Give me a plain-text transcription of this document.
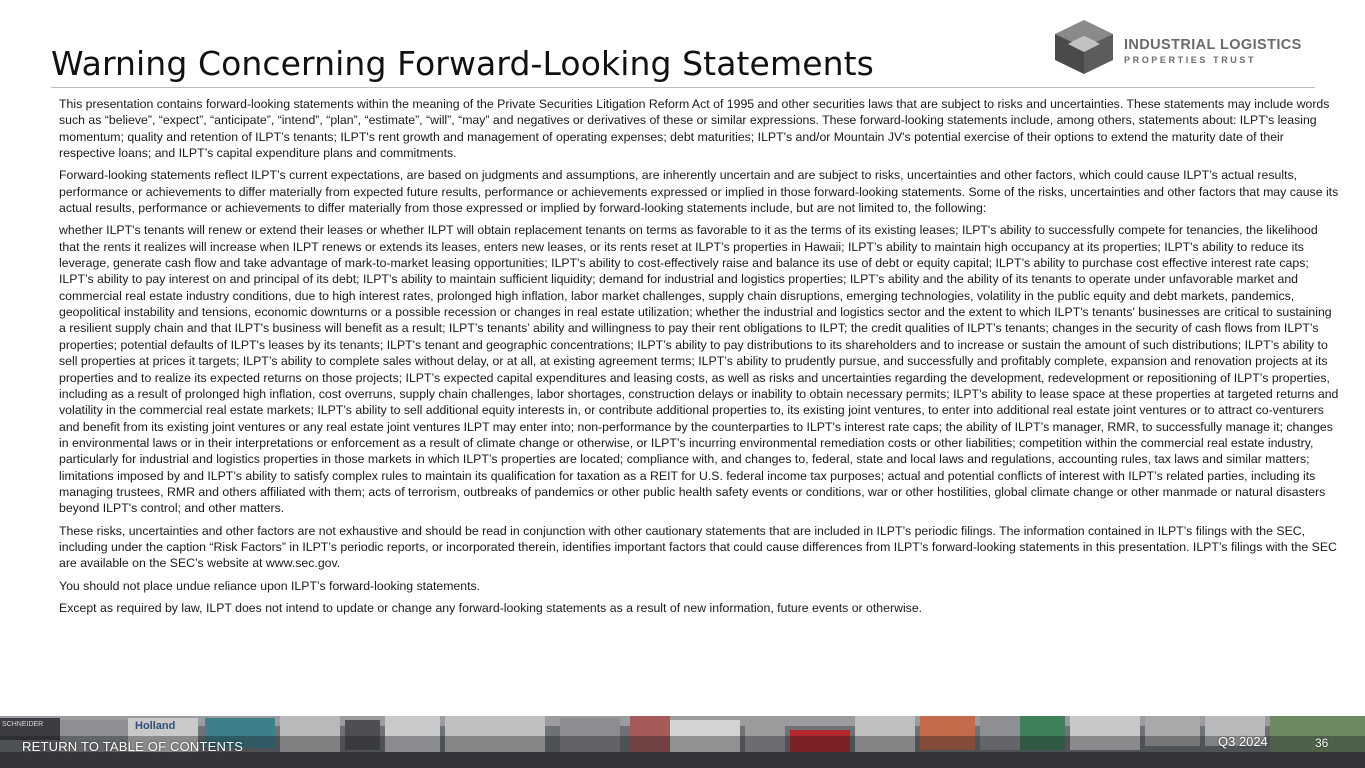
Warning Concerning Forward-Looking Statements	INDUSTRIAL LOGISTICS
PROPERTIES TRUST

This presentation contains forward-looking statements within the meaning of the Private Securities Litigation Reform Act of 1995 and other securities laws that are subject to risks and uncertainties. These statements may include words such as “believe”, “expect”, “anticipate”, “intend”, “plan”, “estimate”, “will”, “may” and negatives or derivatives of these or similar expressions. These forward-looking statements include, among others, statements about: ILPT's leasing momentum; quality and retention of ILPT’s tenants; ILPT's rent growth and management of operating expenses; debt maturities; ILPT's and/or Mountain JV's potential exercise of their options to extend the maturity date of their respective loans; and ILPT’s capital expenditure plans and commitments.

Forward-looking statements reflect ILPT’s current expectations, are based on judgments and assumptions, are inherently uncertain and are subject to risks, uncertainties and other factors, which could cause ILPT’s actual results, performance or achievements to differ materially from expected future results, performance or achievements expressed or implied in those forward-looking statements. Some of the risks, uncertainties and other factors that may cause its actual results, performance or achievements to differ materially from those expressed or implied by forward-looking statements include, but are not limited to, the following:

whether ILPT's tenants will renew or extend their leases or whether ILPT will obtain replacement tenants on terms as favorable to it as the terms of its existing leases; ILPT's ability to successfully compete for tenancies, the likelihood that the rents it realizes will increase when ILPT renews or extends its leases, enters new leases, or its rents reset at ILPT’s properties in Hawaii; ILPT’s ability to maintain high occupancy at its properties; ILPT's ability to reduce its leverage, generate cash flow and take advantage of mark-to-market leasing opportunities; ILPT's ability to cost-effectively raise and balance its use of debt or equity capital; ILPT’s ability to purchase cost effective interest rate caps; ILPT’s ability to pay interest on and principal of its debt; ILPT’s ability to maintain sufficient liquidity; demand for industrial and logistics properties; ILPT’s ability and the ability of its tenants to operate under unfavorable market and commercial real estate industry conditions, due to high interest rates, prolonged high inflation, labor market challenges, supply chain disruptions, emerging technologies, volatility in the public equity and debt markets, pandemics, geopolitical instability and tensions, economic downturns or a possible recession or changes in real estate utilization; whether the industrial and logistics sector and the extent to which ILPT's tenants' businesses are critical to sustaining a resilient supply chain and that ILPT's business will benefit as a result; ILPT’s tenants’ ability and willingness to pay their rent obligations to ILPT; the credit qualities of ILPT’s tenants; changes in the security of cash flows from ILPT’s properties; potential defaults of ILPT's leases by its tenants; ILPT's tenant and geographic concentrations; ILPT’s ability to pay distributions to its shareholders and to increase or sustain the amount of such distributions; ILPT’s ability to sell properties at prices it targets; ILPT’s ability to complete sales without delay, or at all, at existing agreement terms; ILPT’s ability to prudently pursue, and successfully and profitably complete, expansion and renovation projects at its properties and to realize its expected returns on those projects; ILPT’s expected capital expenditures and leasing costs, as well as risks and uncertainties regarding the development, redevelopment or repositioning of ILPT’s properties, including as a result of prolonged high inflation, cost overruns, supply chain challenges, labor shortages, construction delays or inability to obtain necessary permits; ILPT’s ability to lease space at these properties at targeted returns and volatility in the commercial real estate markets; ILPT’s ability to sell additional equity interests in, or contribute additional properties to, its existing joint ventures, to enter into additional real estate joint ventures or to attract co-venturers and benefit from its existing joint ventures or any real estate joint ventures ILPT may enter into; non-performance by the counterparties to ILPT's interest rate caps; the ability of ILPT’s manager, RMR, to successfully manage it; changes in environmental laws or in their interpretations or enforcement as a result of climate change or otherwise, or ILPT’s incurring environmental remediation costs or other liabilities; competition within the commercial real estate industry, particularly for industrial and logistics properties in those markets in which ILPT’s properties are located; compliance with, and changes to, federal, state and local laws and regulations, accounting rules, tax laws and similar matters; limitations imposed by and ILPT’s ability to satisfy complex rules to maintain its qualification for taxation as a REIT for U.S. federal income tax purposes; actual and potential conflicts of interest with ILPT’s related parties, including its managing trustees, RMR and others affiliated with them; acts of terrorism, outbreaks of pandemics or other public health safety events or conditions, war or other hostilities, global climate change or other manmade or natural disasters beyond ILPT's control; and other matters.

These risks, uncertainties and other factors are not exhaustive and should be read in conjunction with other cautionary statements that are included in ILPT’s periodic filings. The information contained in ILPT’s filings with the SEC, including under the caption “Risk Factors” in ILPT’s periodic reports, or incorporated therein, identifies important factors that could cause differences from ILPT’s forward-looking statements in this presentation. ILPT’s filings with the SEC are available on the SEC’s website at www.sec.gov.

You should not place undue reliance upon ILPT’s forward-looking statements.

Except as required by law, ILPT does not intend to update or change any forward-looking statements as a result of new information, future events or otherwise.

SCHNEIDER	Holland
RETURN TO TABLE OF CONTENTS	Q3 2024	36
